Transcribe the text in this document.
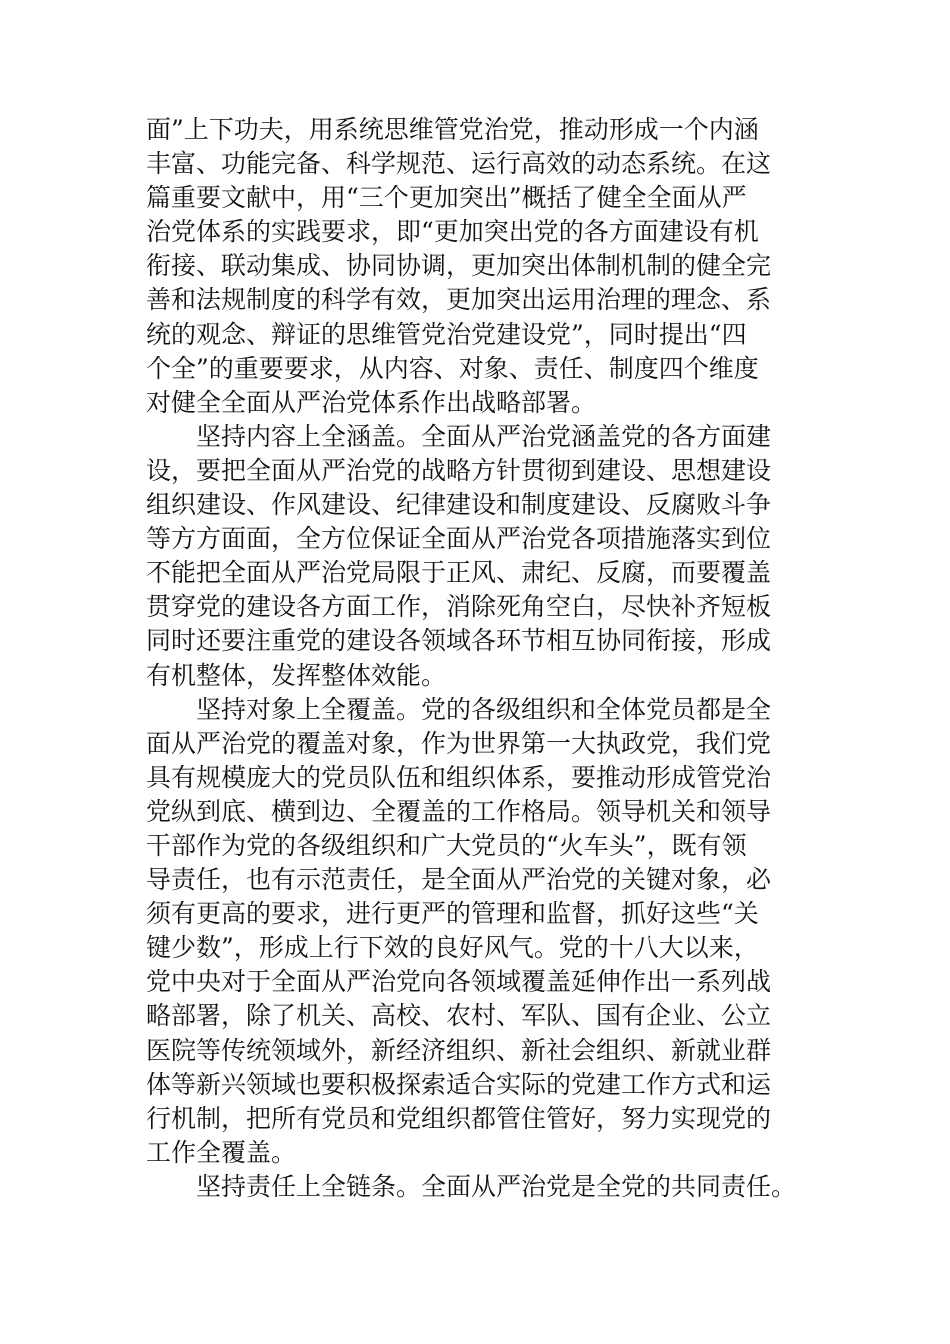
面”上下功夫，用系统思维管党治党，推动形成一个内涵
丰富、功能完备、科学规范、运行高效的动态系统。在这
篇重要文献中，用“三个更加突出”概括了健全全面从严
治党体系的实践要求，即“更加突出党的各方面建设有机
衔接、联动集成、协同协调，更加突出体制机制的健全完
善和法规制度的科学有效，更加突出运用治理的理念、系
统的观念、辩证的思维管党治党建设党”，同时提出“四
个全”的重要要求，从内容、对象、责任、制度四个维度
对健全全面从严治党体系作出战略部署。
坚持内容上全涵盖。全面从严治党涵盖党的各方面建
设，要把全面从严治党的战略方针贯彻到建设、思想建设
组织建设、作风建设、纪律建设和制度建设、反腐败斗争
等方方面面，全方位保证全面从严治党各项措施落实到位
不能把全面从严治党局限于正风、肃纪、反腐，而要覆盖
贯穿党的建设各方面工作，消除死角空白，尽快补齐短板
同时还要注重党的建设各领域各环节相互协同衔接，形成
有机整体，发挥整体效能。
坚持对象上全覆盖。党的各级组织和全体党员都是全
面从严治党的覆盖对象，作为世界第一大执政党，我们党
具有规模庞大的党员队伍和组织体系，要推动形成管党治
党纵到底、横到边、全覆盖的工作格局。领导机关和领导
干部作为党的各级组织和广大党员的“火车头”，既有领
导责任，也有示范责任，是全面从严治党的关键对象，必
须有更高的要求，进行更严的管理和监督，抓好这些“关
键少数”，形成上行下效的良好风气。党的十八大以来，
党中央对于全面从严治党向各领域覆盖延伸作出一系列战
略部署，除了机关、高校、农村、军队、国有企业、公立
医院等传统领域外，新经济组织、新社会组织、新就业群
体等新兴领域也要积极探索适合实际的党建工作方式和运
行机制，把所有党员和党组织都管住管好，努力实现党的
工作全覆盖。
坚持责任上全链条。全面从严治党是全党的共同责任。
